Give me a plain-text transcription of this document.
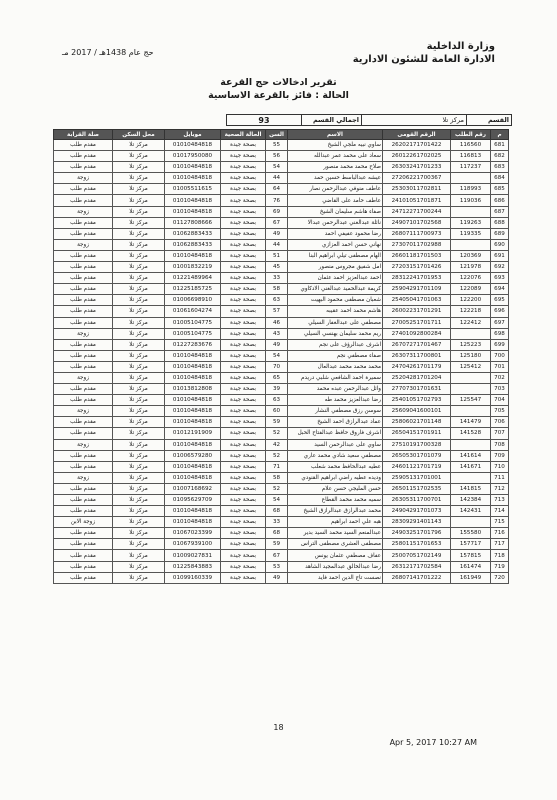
وزارة الداخلية
الادارة العامة للشئون الادارية
حج عام 1438هـ / 2017 مـ
تقرير ادخالات حج القرعة
الحالة : فائز بالقرعة الاساسية
القسم	مركز تلا	اجمالي القسم	93	
م	رقم الطلب	الرقم القومى	الاسم	السن	الحالة الصحية	موبايل	محل السكن	صلة القرابة
681	116560	26202171701422	ساوي نبيه ملجي الشيخ	55	بصحة جيدة	01010484818	مركز تلا	مقدم طلب
682	116813	26012261702025	سعاد على محمد عمر عبدالله	56	بصحة جيدة	01017950080	مركز تلا	مقدم طلب
683	117237	26303241701233	صلاح محمد محمد منصور	54	بصحة جيدة	01010484818	مركز تلا	مقدم طلب
684		27206221700367	عيشه عبدالباسط حسين حمد	44	بصحة جيدة	01010484818	مركز تلا	زوجة
685	118993	25303011702811	عاطف منوفي عبدالرحمن نصار	64	بصحة جيدة	01005511615	مركز تلا	مقدم طلب
686	119036	24101051701871	عاطف حامد على القاضي	76	بصحة جيدة	01010484818	مركز تلا	مقدم طلب
687		24712271700244	صفاء هاشم سليمان الشيخ	69	بصحة جيدة	01010484818	مركز تلا	زوجة
688	119263	24907101702568	نائلة عبدالغني عبدالرحمن عبدالا	67	بصحة جيدة	01127808666	مركز تلا	مقدم طلب
689	119335	26807111700973	رضا محمود عفيفي احمد	49	بصحة جيدة	01062883433	مركز تلا	مقدم طلب
690		27307011702988	نهاني حسن احمد العزازي	44	بصحة جيدة	01062883433	مركز تلا	زوجة
691	120369	26601181701503	الهام مصطفى تيلي ابراهيم البنا	51	بصحة جيدة	01010484818	مركز تلا	مقدم طلب
692	121978	27203151701426	امل شفيق مجروس منصور	45	بصحة جيدة	01001832219	مركز تلا	مقدم طلب
693	122076	28312241701953	احمد عبدالعزيز احمد عثمان	33	بصحة جيدة	01221489964	مركز تلا	مقدم طلب
694	122089	25904291701109	كريمة عبدالحميد عبدالغني الادكاوي	58	بصحة جيدة	01225185725	مركز تلا	مقدم طلب
695	122200	25405041701063	شعبان مصطفى محمود البهيت	63	بصحة جيدة	01006698910	مركز تلا	مقدم طلب
696	122218	26002231701291	هاشم محمد احمد عقيبه	57	بصحة جيدة	01061604274	مركز تلا	مقدم طلب
697	122412	27005251701711	مصطفي على عبدالغفار السيلي	46	بصحة جيدة	01005104775	مركز تلا	مقدم طلب
698		27401092800284	ريم محمد سليمان بهنسي السيلي	43	بصحة جيدة	01005104775	مركز تلا	زوجة
699	125223	26707271701467	اشرف عبدالرؤف على نجم	49	بصحة جيدة	01227283676	مركز تلا	مقدم طلب
700	125180	26307311700801	صفاء مصطفي نجم	54	بصحة جيدة	01010484818	مركز تلا	مقدم طلب
701	125412	24704261701179	محمد محمد محمد عبدالعال	70	بصحة جيدة	01010484818	مركز تلا	مقدم طلب
702		25204281701204	سميرة احمد الشافعي شلبي دريدم	65	بصحة جيدة	01010484818	مركز تلا	زوجة
703		27707301701631	وائل عبدالرحمن عبده محمد	39	بصحة جيدة	01013812808	مركز تلا	مقدم طلب
704	125547	25401051702793	رضا عبدالعزيز محمد طه	63	بصحة جيدة	01010484818	مركز تلا	مقدم طلب
705		25609041600101	سوسن رزق مصطفي النشار	60	بصحة جيدة	01010484818	مركز تلا	زوجة
706	141479	25806021701148	عماد عبدالرازق احمد الشيخ	59	بصحة جيدة	01010484818	مركز تلا	مقدم طلب
707	141528	26504151701911	اشرف فاروق حافظ عبدالفتاح الحبل	52	بصحة جيدة	01012191909	مركز تلا	مقدم طلب
708		27510191700328	ساوي على عبدالرحمن السيد	42	بصحة جيدة	01010484818	مركز تلا	زوجة
709	141614	26505301701079	مصطفي سعيد شادي محمد عاري	52	بصحة جيدة	01006579280	مركز تلا	مقدم طلب
710	141671	24601121701719	عطيه عبدالحافظ محمد شعلب	71	بصحة جيدة	01010484818	مركز تلا	مقدم طلب
711		25905131701001	وديده عطيه راضي ابراهيم القنودي	58	بصحة جيدة	01010484818	مركز تلا	زوجة
712	141815	26501151702535	حسن المليجي حسن علام	52	بصحة جيدة	01007168692	مركز تلا	مقدم طلب
713	142384	26305311700701	سميه محمد محمد القطاع	54	بصحة جيدة	01095629709	مركز تلا	مقدم طلب
714	142431	24904291701073	محمد عبدالرازق عبدالرازق الشيخ	68	بصحة جيدة	01010484818	مركز تلا	مقدم طلب
715		28309291401143	هبه علي احمد ابراهيم	33	بصحة جيدة	01010484818	مركز تلا	زوجة الابن
716	155580	24903251701796	عبدالمنعم السيد محمد السيد بدير	68	بصحة جيدة	01067023399	مركز تلا	مقدم طلب
717	157717	25801151701653	مصطفى العشرى مصطفى التراس	59	بصحة جيدة	01067939100	مركز تلا	مقدم طلب
718	157815	25007051702149	عفاف مصطفي عثمان يونس	67	بصحة جيدة	01009027831	مركز تلا	مقدم طلب
719	161474	26312171702584	رضا عبدالخالق عبدالمجيد الشاهد	53	بصحة جيدة	01225843883	مركز تلا	مقدم طلب
720	161949	26807141701222	نصست تاج الدين احمد فايد	49	بصحة جيدة	01099160339	مركز تلا	مقدم طلب
18
Apr 5, 2017 10:27 AM
